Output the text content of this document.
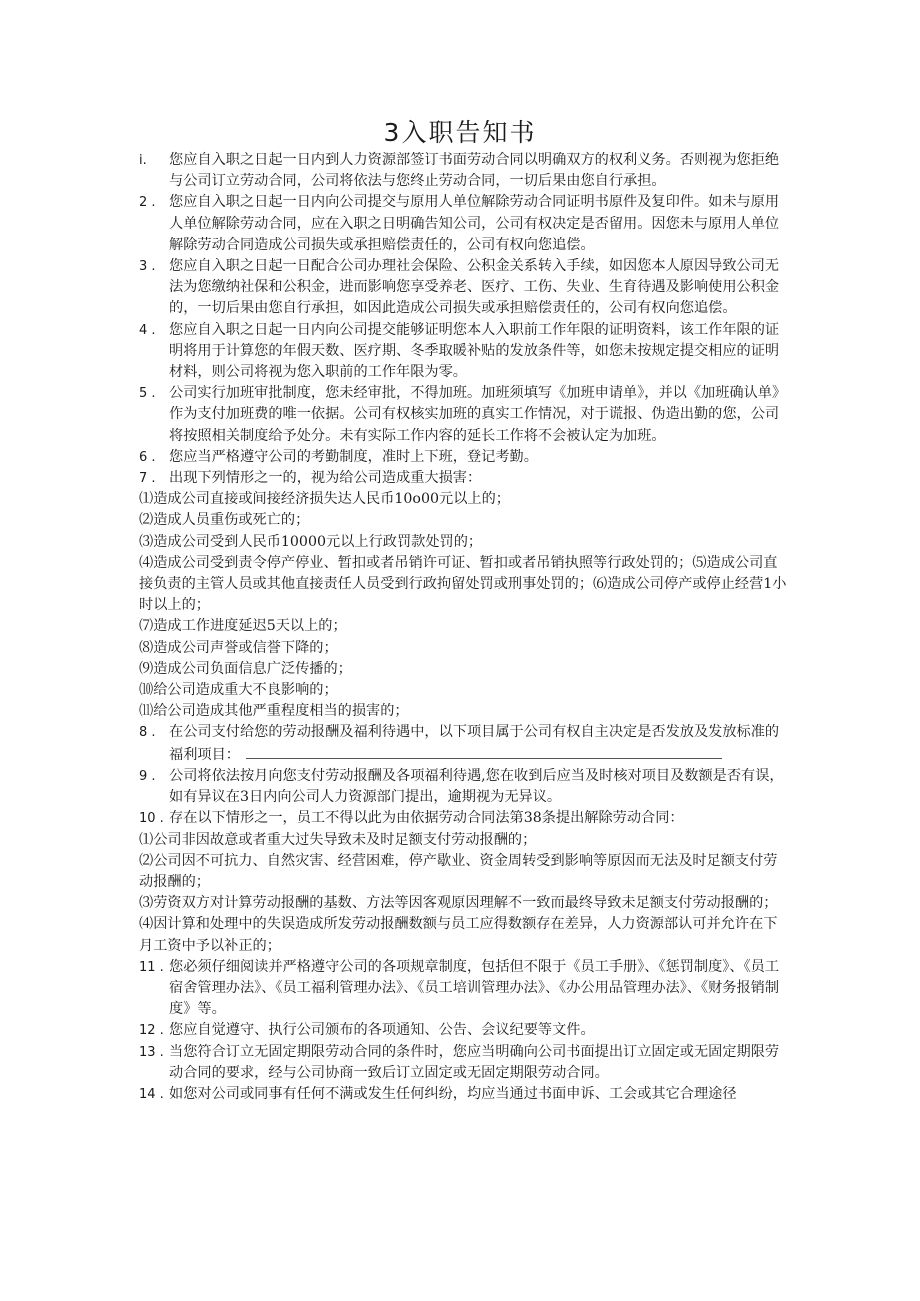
3入职告知书

i. 您应自入职之日起一日内到人力资源部签订书面劳动合同以明确双方的权利义务。否则视为您拒绝与公司订立劳动合同，公司将依法与您终止劳动合同，一切后果由您自行承担。

2 . 您应自入职之日起一日内向公司提交与原用人单位解除劳动合同证明书原件及复印件。如未与原用人单位解除劳动合同，应在入职之日明确告知公司，公司有权决定是否留用。因您未与原用人单位解除劳动合同造成公司损失或承担赔偿责任的，公司有权向您追偿。

3 . 您应自入职之日起一日配合公司办理社会保险、公积金关系转入手续，如因您本人原因导致公司无法为您缴纳社保和公积金，进而影响您享受养老、医疗、工伤、失业、生育待遇及影响使用公积金的，一切后果由您自行承担，如因此造成公司损失或承担赔偿责任的，公司有权向您追偿。

4 . 您应自入职之日起一日内向公司提交能够证明您本人入职前工作年限的证明资料，该工作年限的证明将用于计算您的年假天数、医疗期、冬季取暖补贴的发放条件等，如您未按规定提交相应的证明材料，则公司将视为您入职前的工作年限为零。

5 . 公司实行加班审批制度，您未经审批，不得加班。加班须填写《加班申请单》，并以《加班确认单》作为支付加班费的唯一依据。公司有权核实加班的真实工作情况，对于谎报、伪造出勤的您，公司将按照相关制度给予处分。未有实际工作内容的延长工作将不会被认定为加班。

6 . 您应当严格遵守公司的考勤制度，准时上下班，登记考勤。

7 . 出现下列情形之一的，视为给公司造成重大损害：

⑴造成公司直接或间接经济损失达人民币10o00元以上的；

⑵造成人员重伤或死亡的；

⑶造成公司受到人民币10000元以上行政罚款处罚的；

⑷造成公司受到责令停产停业、暂扣或者吊销许可证、暂扣或者吊销执照等行政处罚的；⑸造成公司直接负责的主管人员或其他直接责任人员受到行政拘留处罚或刑事处罚的；⑹造成公司停产或停止经营1小时以上的；

⑺造成工作进度延迟5天以上的；

⑻造成公司声誉或信誉下降的；

⑼造成公司负面信息广泛传播的；

⑽给公司造成重大不良影响的；

⑾给公司造成其他严重程度相当的损害的；

8 . 在公司支付给您的劳动报酬及福利待遇中，以下项目属于公司有权自主决定是否发放及发放标准的福利项目：

9 . 公司将依法按月向您支付劳动报酬及各项福利待遇,您在收到后应当及时核对项目及数额是否有误，如有异议在3日内向公司人力资源部门提出，逾期视为无异议。

10 . 存在以下情形之一，员工不得以此为由依据劳动合同法第38条提出解除劳动合同：

⑴公司非因故意或者重大过失导致未及时足额支付劳动报酬的；

⑵公司因不可抗力、自然灾害、经营困难，停产歇业、资金周转受到影响等原因而无法及时足额支付劳动报酬的；

⑶劳资双方对计算劳动报酬的基数、方法等因客观原因理解不一致而最终导致未足额支付劳动报酬的；

⑷因计算和处理中的失误造成所发劳动报酬数额与员工应得数额存在差异，人力资源部认可并允许在下月工资中予以补正的；

11 . 您必须仔细阅读并严格遵守公司的各项规章制度，包括但不限于《员工手册》、《惩罚制度》、《员工宿舍管理办法》、《员工福利管理办法》、《员工培训管理办法》、《办公用品管理办法》、《财务报销制度》等。

12 . 您应自觉遵守、执行公司颁布的各项通知、公告、会议纪要等文件。

13 . 当您符合订立无固定期限劳动合同的条件时，您应当明确向公司书面提出订立固定或无固定期限劳动合同的要求，经与公司协商一致后订立固定或无固定期限劳动合同。

14 . 如您对公司或同事有任何不满或发生任何纠纷，均应当通过书面申诉、工会或其它合理途径
